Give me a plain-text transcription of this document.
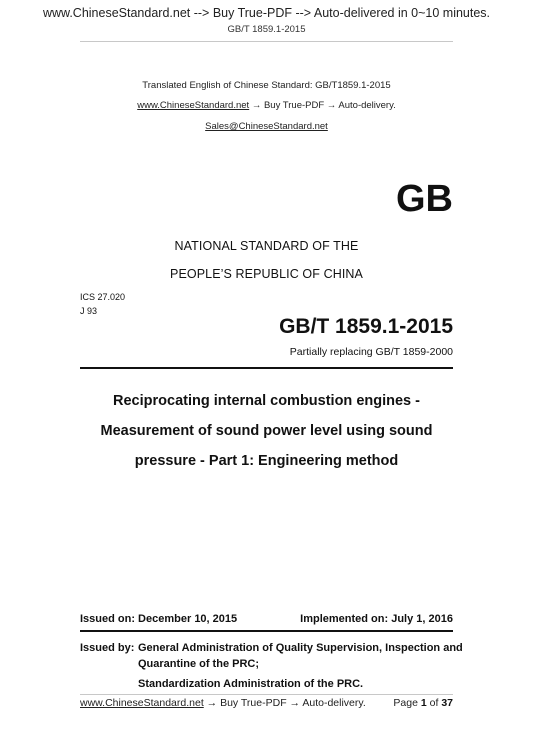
www.ChineseStandard.net --> Buy True-PDF --> Auto-delivered in 0~10 minutes.
GB/T 1859.1-2015
Translated English of Chinese Standard: GB/T1859.1-2015
www.ChineseStandard.net → Buy True-PDF → Auto-delivery.
Sales@ChineseStandard.net
GB
NATIONAL STANDARD OF THE
PEOPLE’S REPUBLIC OF CHINA
ICS 27.020
J 93
GB/T 1859.1-2015
Partially replacing GB/T 1859-2000
Reciprocating internal combustion engines -
Measurement of sound power level using sound
pressure - Part 1: Engineering method
Issued on: December 10, 2015	Implemented on: July 1, 2016
Issued by: General Administration of Quality Supervision, Inspection and
Quarantine of the PRC;
Standardization Administration of the PRC.
www.ChineseStandard.net → Buy True-PDF → Auto-delivery.	Page 1 of 37
